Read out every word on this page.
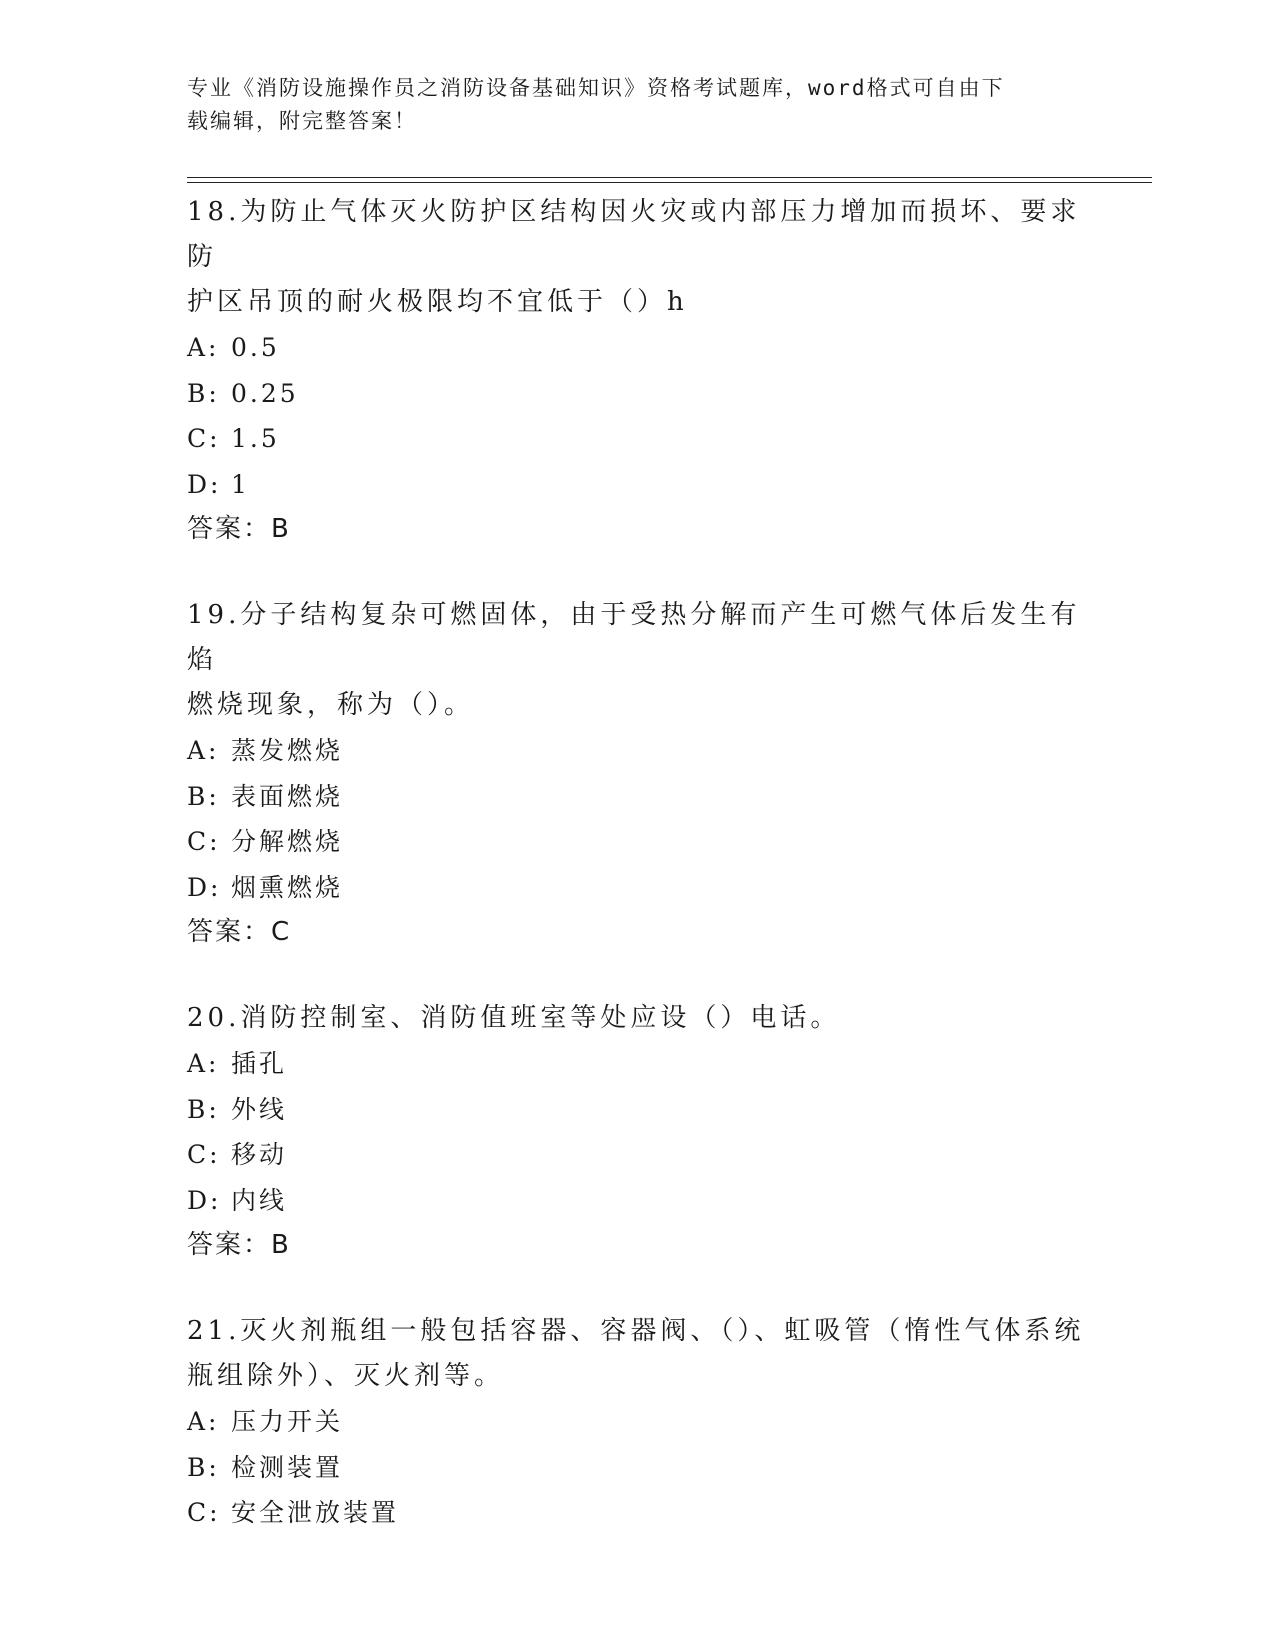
专业《消防设施操作员之消防设备基础知识》资格考试题库，word格式可自由下
载编辑，附完整答案！

18.为防止气体灭火防护区结构因火灾或内部压力增加而损坏、要求防

护区吊顶的耐火极限均不宜低于（）h

A: 0.5

B: 0.25

C: 1.5

D: 1

答案：B

19.分子结构复杂可燃固体，由于受热分解而产生可燃气体后发生有焰

燃烧现象，称为（）。

A: 蒸发燃烧

B: 表面燃烧

C: 分解燃烧

D: 烟熏燃烧

答案：C

20.消防控制室、消防值班室等处应设（）电话。

A: 插孔

B: 外线

C: 移动

D: 内线

答案：B

21.灭火剂瓶组一般包括容器、容器阀、（）、虹吸管（惰性气体系统

瓶组除外）、灭火剂等。

A: 压力开关

B: 检测装置

C: 安全泄放装置
